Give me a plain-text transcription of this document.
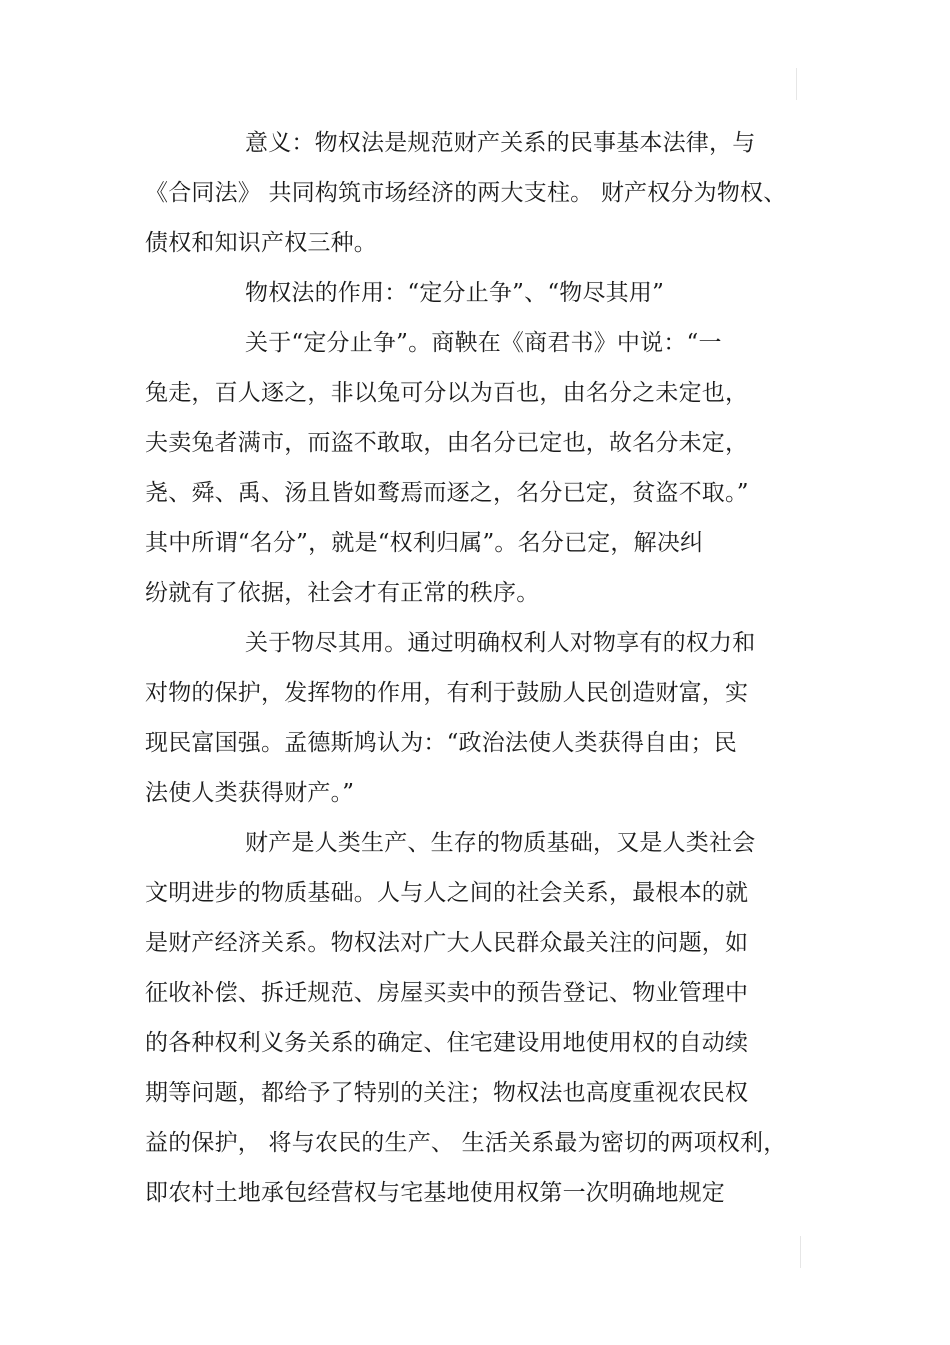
意义：物权法是规范财产关系的民事基本法律，与
《合同法》 共同构筑市场经济的两大支柱。 财产权分为物权、
债权和知识产权三种。
物权法的作用：“定分止争”、“物尽其用”
关于“定分止争”。商鞅在《商君书》中说：“一
兔走，百人逐之，非以兔可分以为百也，由名分之未定也，
夫卖兔者满市，而盗不敢取，由名分已定也，故名分未定，
尧、舜、禹、汤且皆如鹜焉而逐之，名分已定，贫盗不取。”
其中所谓“名分”，就是“权利归属”。名分已定，解决纠
纷就有了依据，社会才有正常的秩序。
关于物尽其用。通过明确权利人对物享有的权力和
对物的保护，发挥物的作用，有利于鼓励人民创造财富，实
现民富国强。孟德斯鸠认为：“政治法使人类获得自由；民
法使人类获得财产。”
财产是人类生产、生存的物质基础，又是人类社会
文明进步的物质基础。人与人之间的社会关系，最根本的就
是财产经济关系。物权法对广大人民群众最关注的问题，如
征收补偿、拆迁规范、房屋买卖中的预告登记、物业管理中
的各种权利义务关系的确定、住宅建设用地使用权的自动续
期等问题，都给予了特别的关注；物权法也高度重视农民权
益的保护， 将与农民的生产、 生活关系最为密切的两项权利，
即农村土地承包经营权与宅基地使用权第一次明确地规定
